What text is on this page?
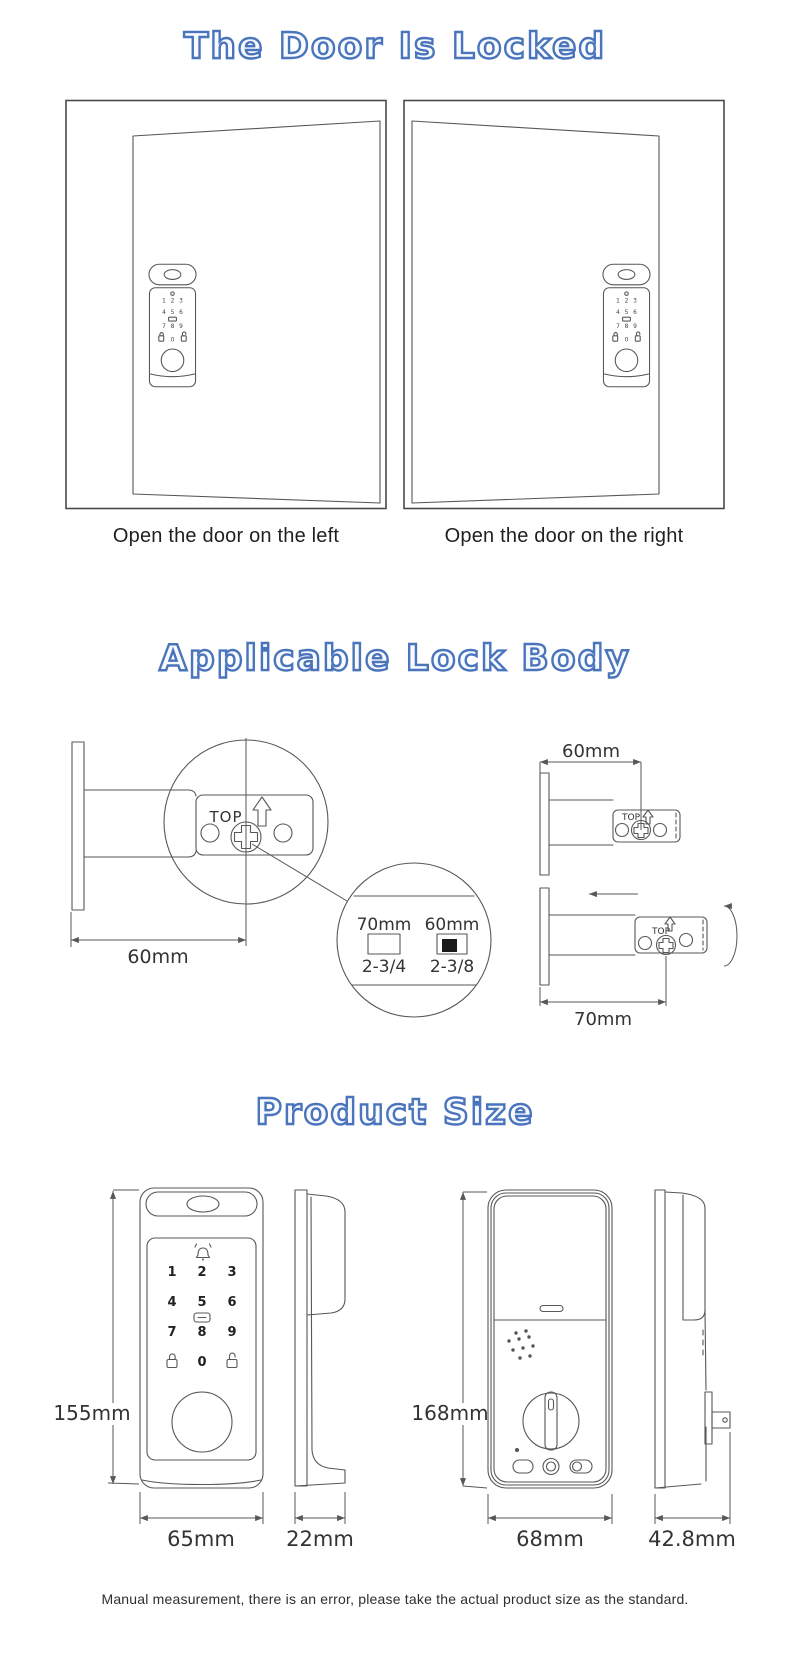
The Door Is Locked
Open the door on the left	Open the door on the right
Applicable Lock Body
TOP
60mm
70mm 60mm
2-3/4 2-3/8
60mm
TOP
TOP
70mm
Product Size
1 2 3
4 5 6
7 8 9
0
155mm
65mm 22mm
168mm
68mm	42.8mm
Manual measurement, there is an error, please take the actual product size as the standard.
